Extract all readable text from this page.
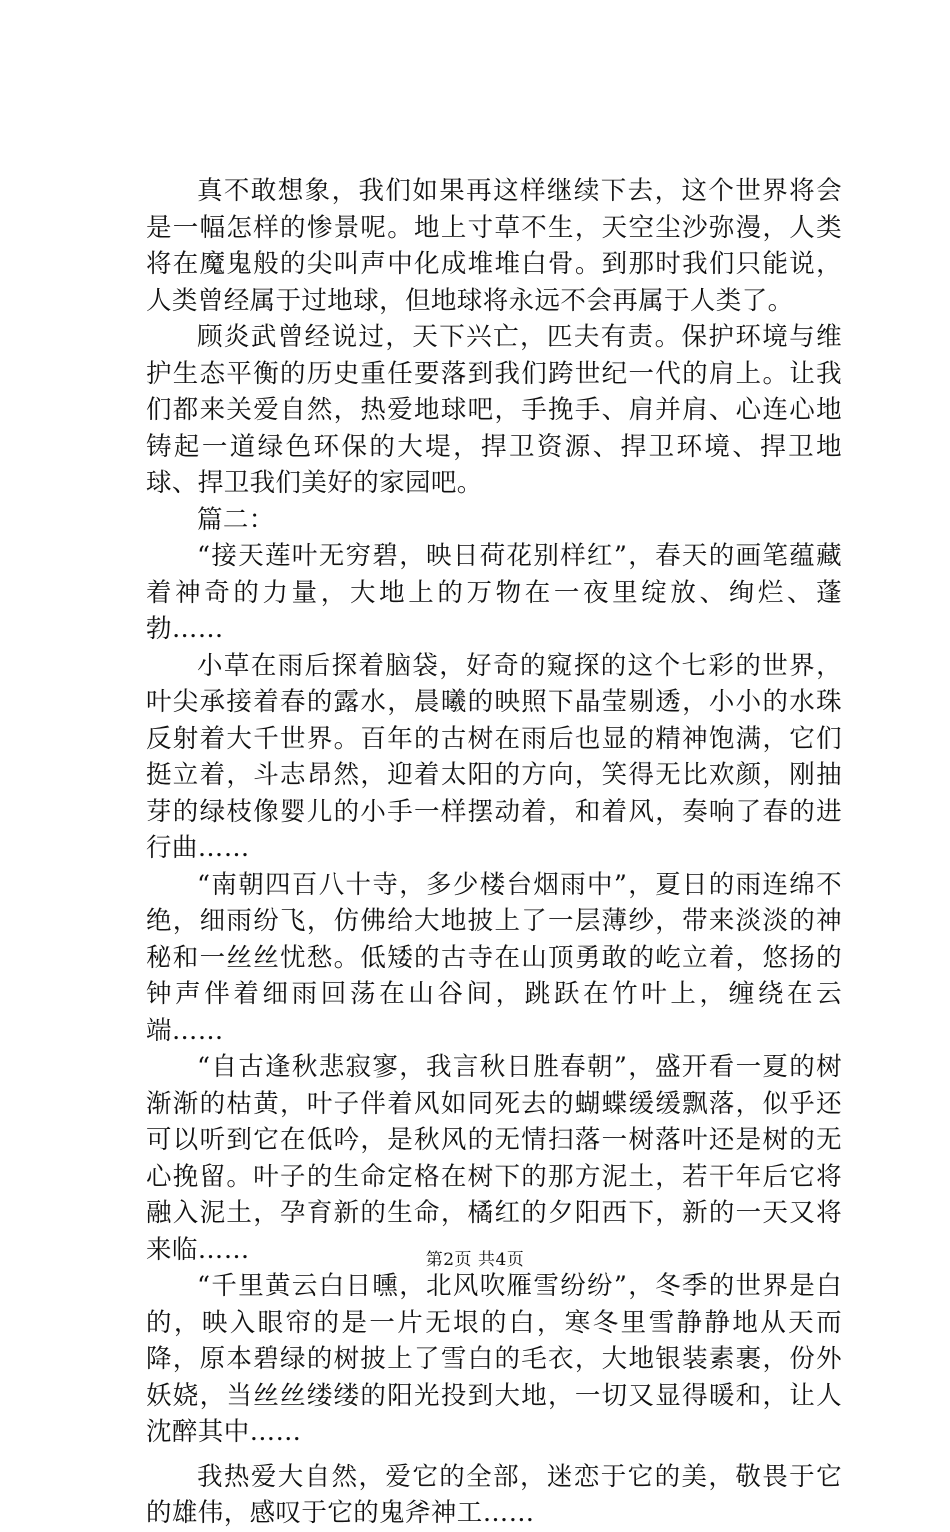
真不敢想象，我们如果再这样继续下去，这个世界将会是一幅怎样的惨景呢。地上寸草不生，天空尘沙弥漫，人类将在魔鬼般的尖叫声中化成堆堆白骨。到那时我们只能说，人类曾经属于过地球，但地球将永远不会再属于人类了。

顾炎武曾经说过，天下兴亡，匹夫有责。保护环境与维护生态平衡的历史重任要落到我们跨世纪一代的肩上。让我们都来关爱自然，热爱地球吧，手挽手、肩并肩、心连心地铸起一道绿色环保的大堤，捍卫资源、捍卫环境、捍卫地球、捍卫我们美好的家园吧。

篇二：

“接天莲叶无穷碧，映日荷花别样红”，春天的画笔蕴藏着神奇的力量，大地上的万物在一夜里绽放、绚烂、蓬勃……

小草在雨后探着脑袋，好奇的窥探的这个七彩的世界，叶尖承接着春的露水，晨曦的映照下晶莹剔透，小小的水珠反射着大千世界。百年的古树在雨后也显的精神饱满，它们挺立着，斗志昂然，迎着太阳的方向，笑得无比欢颜，刚抽芽的绿枝像婴儿的小手一样摆动着，和着风，奏响了春的进行曲……

“南朝四百八十寺，多少楼台烟雨中”，夏日的雨连绵不绝，细雨纷飞，仿佛给大地披上了一层薄纱，带来淡淡的神秘和一丝丝忧愁。低矮的古寺在山顶勇敢的屹立着，悠扬的钟声伴着细雨回荡在山谷间，跳跃在竹叶上，缠绕在云端……

“自古逢秋悲寂寥，我言秋日胜春朝”，盛开看一夏的树渐渐的枯黄，叶子伴着风如同死去的蝴蝶缓缓飘落，似乎还可以听到它在低吟，是秋风的无情扫落一树落叶还是树的无心挽留。叶子的生命定格在树下的那方泥土，若干年后它将融入泥土，孕育新的生命，橘红的夕阳西下，新的一天又将来临……

“千里黄云白日曛，北风吹雁雪纷纷”，冬季的世界是白的，映入眼帘的是一片无垠的白，寒冬里雪静静地从天而降，原本碧绿的树披上了雪白的毛衣，大地银装素裹，份外妖娆，当丝丝缕缕的阳光投到大地，一切又显得暖和，让人沈醉其中……

我热爱大自然，爱它的全部，迷恋于它的美，敬畏于它的雄伟，感叹于它的鬼斧神工……

第2页 共4页
